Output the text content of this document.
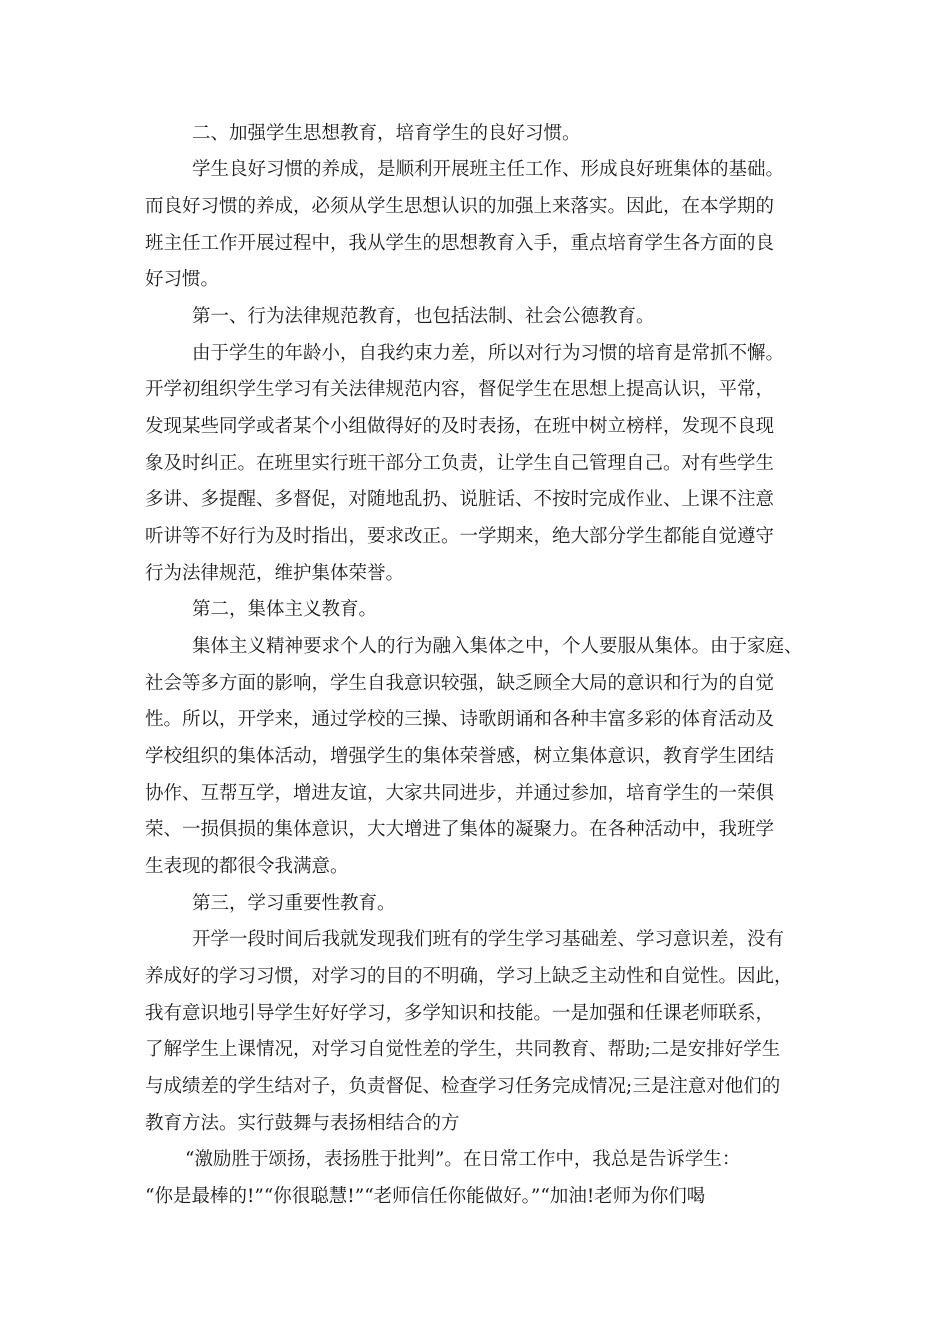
二、加强学生思想教育，培育学生的良好习惯。

学生良好习惯的养成，是顺利开展班主任工作、形成良好班集体的基础。

而良好习惯的养成，必须从学生思想认识的加强上来落实。因此，在本学期的

班主任工作开展过程中，我从学生的思想教育入手，重点培育学生各方面的良

好习惯。

第一、行为法律规范教育，也包括法制、社会公德教育。

由于学生的年龄小，自我约束力差，所以对行为习惯的培育是常抓不懈。

开学初组织学生学习有关法律规范内容，督促学生在思想上提高认识，平常，

发现某些同学或者某个小组做得好的及时表扬，在班中树立榜样，发现不良现

象及时纠正。在班里实行班干部分工负责，让学生自己管理自己。对有些学生

多讲、多提醒、多督促，对随地乱扔、说脏话、不按时完成作业、上课不注意

听讲等不好行为及时指出，要求改正。一学期来，绝大部分学生都能自觉遵守

行为法律规范，维护集体荣誉。

第二，集体主义教育。

集体主义精神要求个人的行为融入集体之中，个人要服从集体。由于家庭、

社会等多方面的影响，学生自我意识较强，缺乏顾全大局的意识和行为的自觉

性。所以，开学来，通过学校的三操、诗歌朗诵和各种丰富多彩的体育活动及

学校组织的集体活动，增强学生的集体荣誉感，树立集体意识，教育学生团结

协作、互帮互学，增进友谊，大家共同进步，并通过参加，培育学生的一荣俱

荣、一损俱损的集体意识，大大增进了集体的凝聚力。在各种活动中，我班学

生表现的都很令我满意。

第三，学习重要性教育。

开学一段时间后我就发现我们班有的学生学习基础差、学习意识差，没有

养成好的学习习惯，对学习的目的不明确，学习上缺乏主动性和自觉性。因此，

我有意识地引导学生好好学习，多学知识和技能。一是加强和任课老师联系，

了解学生上课情况，对学习自觉性差的学生，共同教育、帮助;二是安排好学生

与成绩差的学生结对子，负责督促、检查学习任务完成情况;三是注意对他们的

教育方法。实行鼓舞与表扬相结合的方

“激励胜于颂扬，表扬胜于批判”。在日常工作中，我总是告诉学生：

“你是最棒的!”“你很聪慧!”“老师信任你能做好。”“加油!老师为你们喝
